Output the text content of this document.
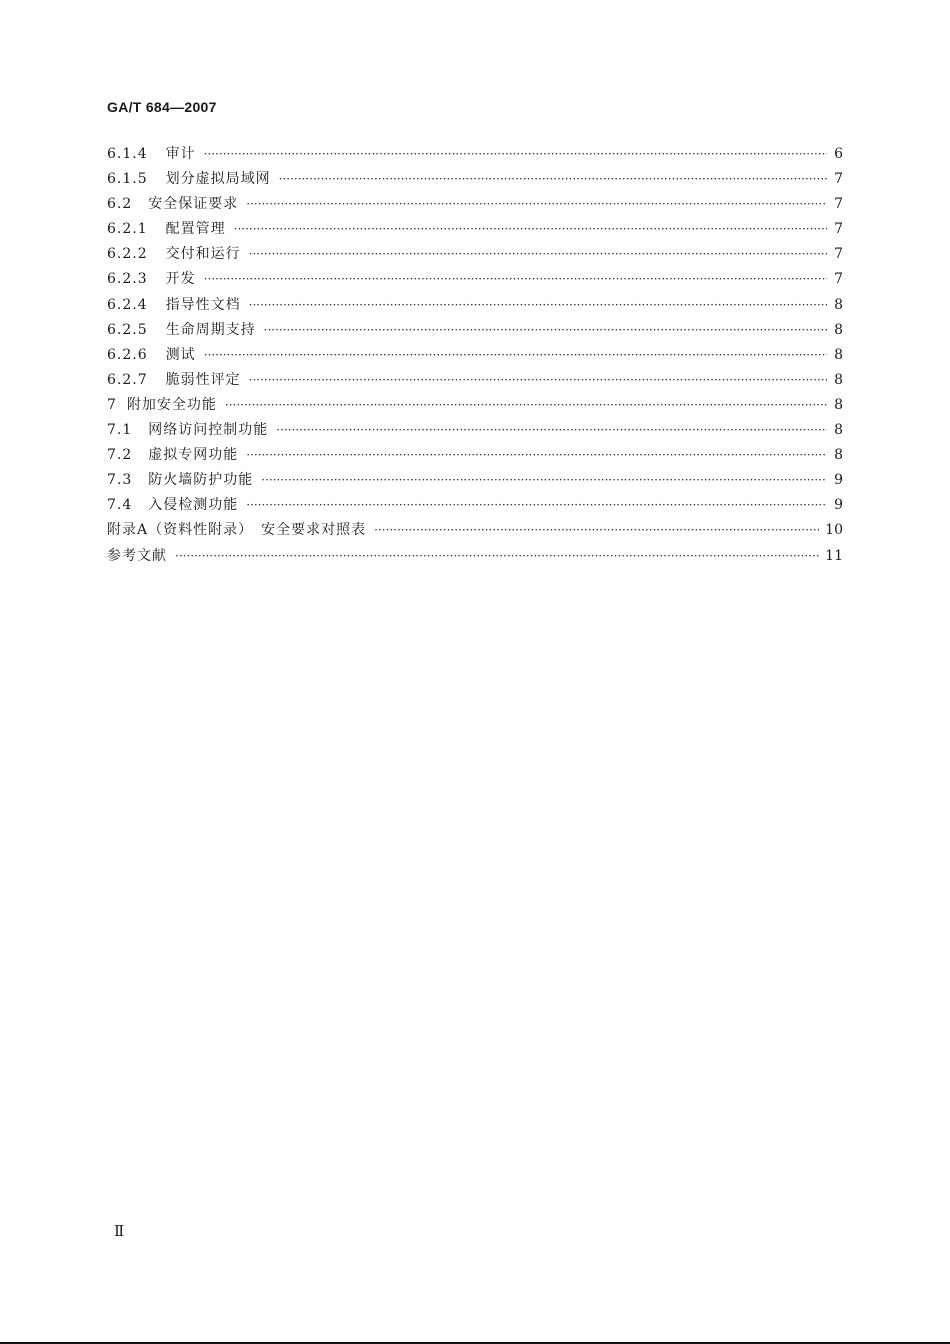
GA/T 684—2007
6.1.4 审计 ·····	6
6.1.5 划分虚拟局域网 ·····	7
6.2 安全保证要求 ·····	7
6.2.1 配置管理 ·····	7
6.2.2 交付和运行 ·····	7
6.2.3 开发 ·····	7
6.2.4 指导性文档 ·····	8
6.2.5 生命周期支持 ·····	8
6.2.6 测试 ·····	8
6.2.7 脆弱性评定 ·····	8
7 附加安全功能 ·····	8
7.1 网络访问控制功能 ·····	8
7.2 虚拟专网功能 ·····	8
7.3 防火墙防护功能 ·····	9
7.4 入侵检测功能 ·····	9
附录A（资料性附录）　安全要求对照表 ·····	10
参考文献 ·····	11
Ⅱ
